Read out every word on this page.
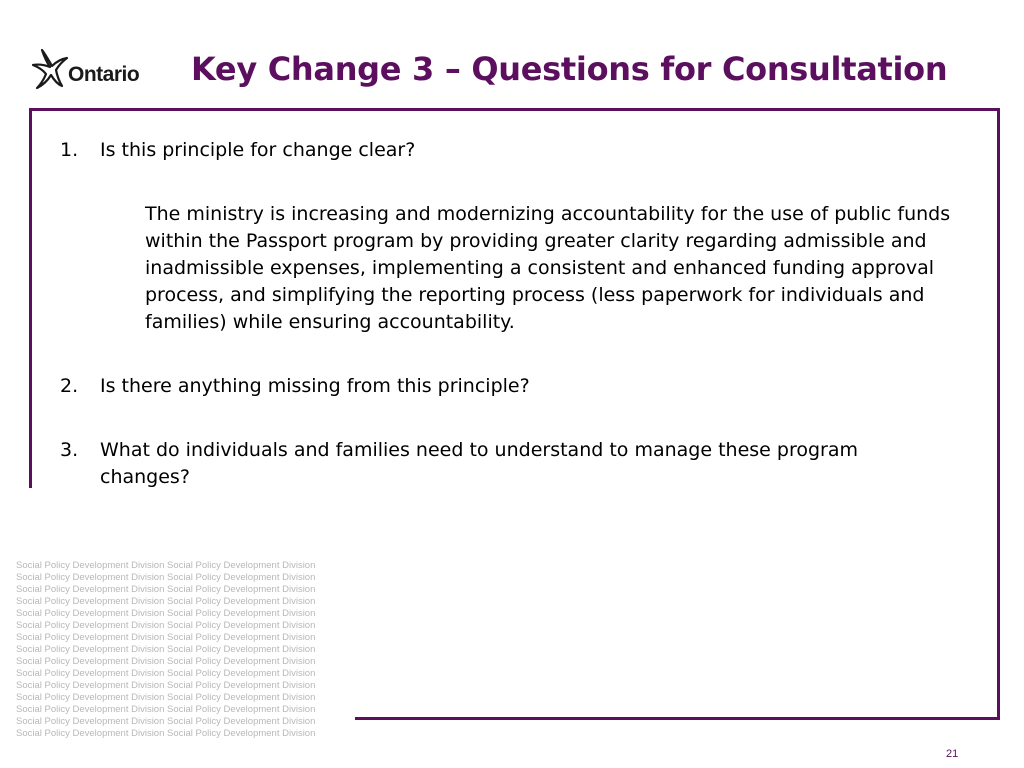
Ontario Key Change 3 – Questions for Consultation
1. Is this principle for change clear?
The ministry is increasing and modernizing accountability for the use of public funds within the Passport program by providing greater clarity regarding admissible and inadmissible expenses, implementing a consistent and enhanced funding approval process, and simplifying the reporting process (less paperwork for individuals and families) while ensuring accountability.
2. Is there anything missing from this principle?
3. What do individuals and families need to understand to manage these program changes?
Social Policy Development Division Social Policy Development Division
Social Policy Development Division Social Policy Development Division
Social Policy Development Division Social Policy Development Division
Social Policy Development Division Social Policy Development Division
Social Policy Development Division Social Policy Development Division
Social Policy Development Division Social Policy Development Division
Social Policy Development Division Social Policy Development Division
Social Policy Development Division Social Policy Development Division
Social Policy Development Division Social Policy Development Division
Social Policy Development Division Social Policy Development Division
Social Policy Development Division Social Policy Development Division
Social Policy Development Division Social Policy Development Division
Social Policy Development Division Social Policy Development Division
Social Policy Development Division Social Policy Development Division
Social Policy Development Division Social Policy Development Division
21
